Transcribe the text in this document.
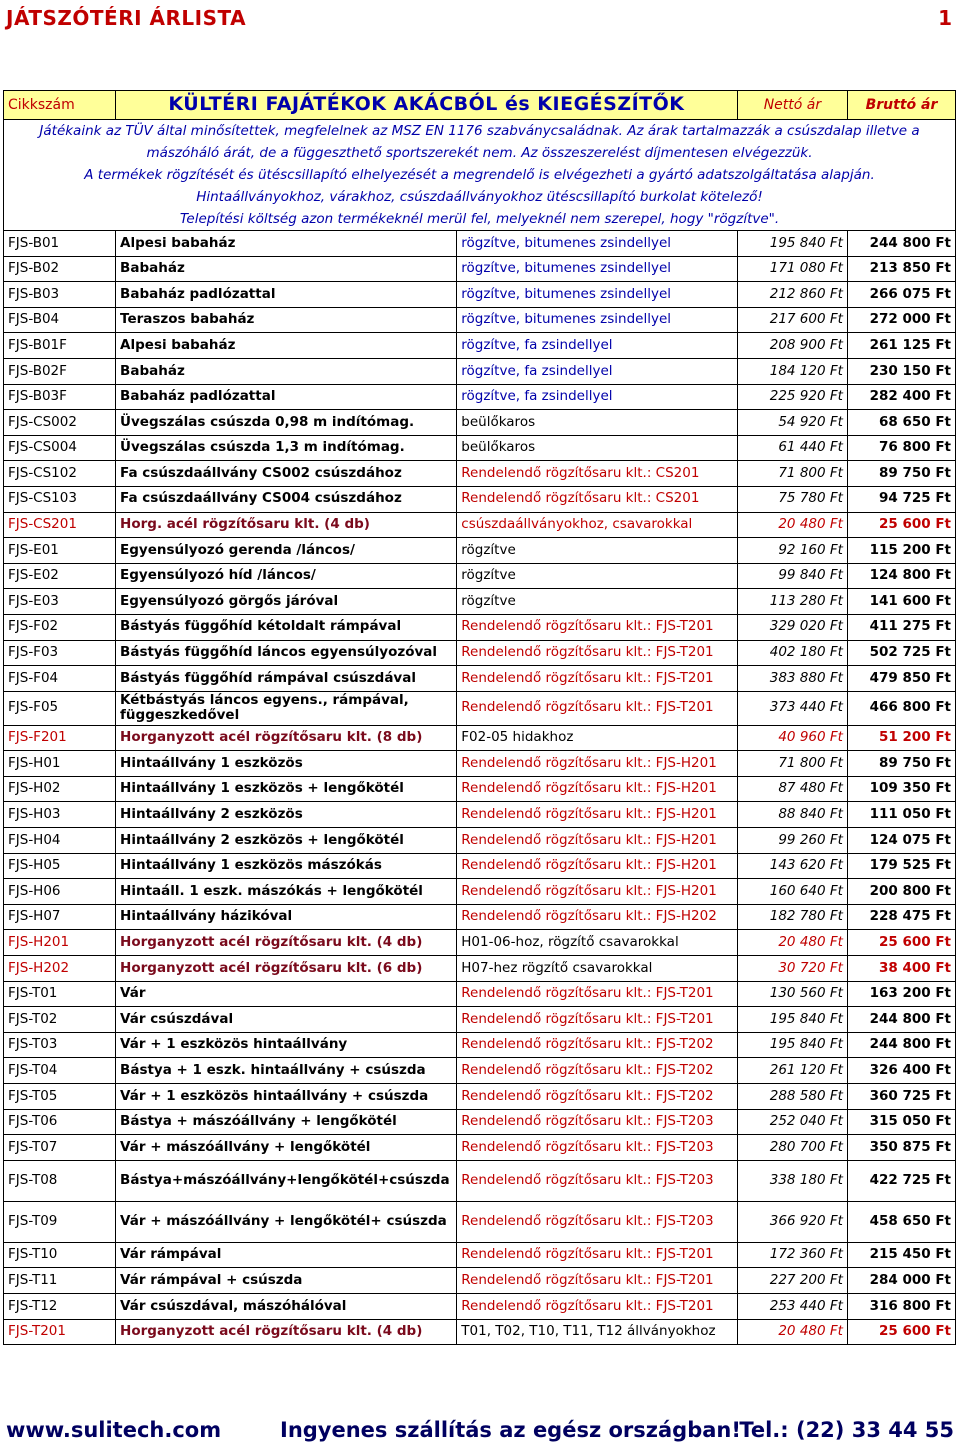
JÁTSZÓTÉRI ÁRLISTA	1
Cikkszám	KÜLTÉRI FAJÁTÉKOK AKÁCBÓL és KIEGÉSZÍTŐK		Nettó ár	Bruttó ár
Játékaink az TÜV által minősítettek, megfelelnek az MSZ EN 1176 szabványcsaládnak. Az árak tartalmazzák a csúszdalap illetve a				
mászóháló árát, de a függeszthető sportszerekét nem. Az összeszerelést díjmentesen elvégezzük.				
A termékek rögzítését és ütéscsillapító elhelyezését a megrendelő is elvégezheti a gyártó adatszolgáltatása alapján.				
Hintaállványokhoz, várakhoz, csúszdaállványokhoz ütéscsillapító burkolat kötelező!				
Telepítési költség azon termékeknél merül fel, melyeknél nem szerepel, hogy "rögzítve".				
FJS-B01	Alpesi babaház	rögzítve, bitumenes zsindellyel	195 840 Ft	244 800 Ft
FJS-B02	Babaház	rögzítve, bitumenes zsindellyel	171 080 Ft	213 850 Ft
FJS-B03	Babaház padlózattal	rögzítve, bitumenes zsindellyel	212 860 Ft	266 075 Ft
FJS-B04	Teraszos babaház	rögzítve, bitumenes zsindellyel	217 600 Ft	272 000 Ft
FJS-B01F	Alpesi babaház	rögzítve, fa zsindellyel	208 900 Ft	261 125 Ft
FJS-B02F	Babaház	rögzítve, fa zsindellyel	184 120 Ft	230 150 Ft
FJS-B03F	Babaház padlózattal	rögzítve, fa zsindellyel	225 920 Ft	282 400 Ft
FJS-CS002	Üvegszálas csúszda 0,98 m indítómag.	beülőkaros	54 920 Ft	68 650 Ft
FJS-CS004	Üvegszálas csúszda 1,3 m indítómag.	beülőkaros	61 440 Ft	76 800 Ft
FJS-CS102	Fa csúszdaállvány CS002 csúszdához	Rendelendő rögzítősaru klt.: CS201	71 800 Ft	89 750 Ft
FJS-CS103	Fa csúszdaállvány CS004 csúszdához	Rendelendő rögzítősaru klt.: CS201	75 780 Ft	94 725 Ft
FJS-CS201	Horg. acél rögzítősaru klt. (4 db)	csúszdaállványokhoz, csavarokkal	20 480 Ft	25 600 Ft
FJS-E01	Egyensúlyozó gerenda /láncos/	rögzítve	92 160 Ft	115 200 Ft
FJS-E02	Egyensúlyozó híd /láncos/	rögzítve	99 840 Ft	124 800 Ft
FJS-E03	Egyensúlyozó görgős járóval	rögzítve	113 280 Ft	141 600 Ft
FJS-F02	Bástyás függőhíd kétoldalt rámpával	Rendelendő rögzítősaru klt.: FJS-T201	329 020 Ft	411 275 Ft
FJS-F03	Bástyás függőhíd láncos egyensúlyozóval	Rendelendő rögzítősaru klt.: FJS-T201	402 180 Ft	502 725 Ft
FJS-F04	Bástyás függőhíd rámpával csúszdával	Rendelendő rögzítősaru klt.: FJS-T201	383 880 Ft	479 850 Ft
FJS-F05	Kétbástyás láncos egyens., rámpával, függeszkedővel	Rendelendő rögzítősaru klt.: FJS-T201	373 440 Ft	466 800 Ft
FJS-F201	Horganyzott acél rögzítősaru klt. (8 db)	F02-05 hidakhoz	40 960 Ft	51 200 Ft
FJS-H01	Hintaállvány 1 eszközös	Rendelendő rögzítősaru klt.: FJS-H201	71 800 Ft	89 750 Ft
FJS-H02	Hintaállvány 1 eszközös + lengőkötél	Rendelendő rögzítősaru klt.: FJS-H201	87 480 Ft	109 350 Ft
FJS-H03	Hintaállvány 2 eszközös	Rendelendő rögzítősaru klt.: FJS-H201	88 840 Ft	111 050 Ft
FJS-H04	Hintaállvány 2 eszközös + lengőkötél	Rendelendő rögzítősaru klt.: FJS-H201	99 260 Ft	124 075 Ft
FJS-H05	Hintaállvány 1 eszközös mászókás	Rendelendő rögzítősaru klt.: FJS-H201	143 620 Ft	179 525 Ft
FJS-H06	Hintaáll. 1 eszk. mászókás + lengőkötél	Rendelendő rögzítősaru klt.: FJS-H201	160 640 Ft	200 800 Ft
FJS-H07	Hintaállvány házikóval	Rendelendő rögzítősaru klt.: FJS-H202	182 780 Ft	228 475 Ft
FJS-H201	Horganyzott acél rögzítősaru klt. (4 db)	H01-06-hoz, rögzítő csavarokkal	20 480 Ft	25 600 Ft
FJS-H202	Horganyzott acél rögzítősaru klt. (6 db)	H07-hez rögzítő csavarokkal	30 720 Ft	38 400 Ft
FJS-T01	Vár	Rendelendő rögzítősaru klt.: FJS-T201	130 560 Ft	163 200 Ft
FJS-T02	Vár csúszdával	Rendelendő rögzítősaru klt.: FJS-T201	195 840 Ft	244 800 Ft
FJS-T03	Vár + 1 eszközös hintaállvány	Rendelendő rögzítősaru klt.: FJS-T202	195 840 Ft	244 800 Ft
FJS-T04	Bástya + 1 eszk. hintaállvány + csúszda	Rendelendő rögzítősaru klt.: FJS-T202	261 120 Ft	326 400 Ft
FJS-T05	Vár + 1 eszközös hintaállvány + csúszda	Rendelendő rögzítősaru klt.: FJS-T202	288 580 Ft	360 725 Ft
FJS-T06	Bástya + mászóállvány + lengőkötél	Rendelendő rögzítősaru klt.: FJS-T203	252 040 Ft	315 050 Ft
FJS-T07	Vár + mászóállvány + lengőkötél	Rendelendő rögzítősaru klt.: FJS-T203	280 700 Ft	350 875 Ft
FJS-T08	Bástya+mászóállvány+lengőkötél+csúszda	Rendelendő rögzítősaru klt.: FJS-T203	338 180 Ft	422 725 Ft
FJS-T09	Vár + mászóállvány + lengőkötél+ csúszda	Rendelendő rögzítősaru klt.: FJS-T203	366 920 Ft	458 650 Ft
FJS-T10	Vár rámpával	Rendelendő rögzítősaru klt.: FJS-T201	172 360 Ft	215 450 Ft
FJS-T11	Vár rámpával + csúszda	Rendelendő rögzítősaru klt.: FJS-T201	227 200 Ft	284 000 Ft
FJS-T12	Vár csúszdával, mászóhálóval	Rendelendő rögzítősaru klt.: FJS-T201	253 440 Ft	316 800 Ft
FJS-T201	Horganyzott acél rögzítősaru klt. (4 db)	T01, T02, T10, T11, T12 állványokhoz	20 480 Ft	25 600 Ft
www.sulitech.com	Ingyenes szállítás az egész országban!
Tel.: (22) 33 44 55
